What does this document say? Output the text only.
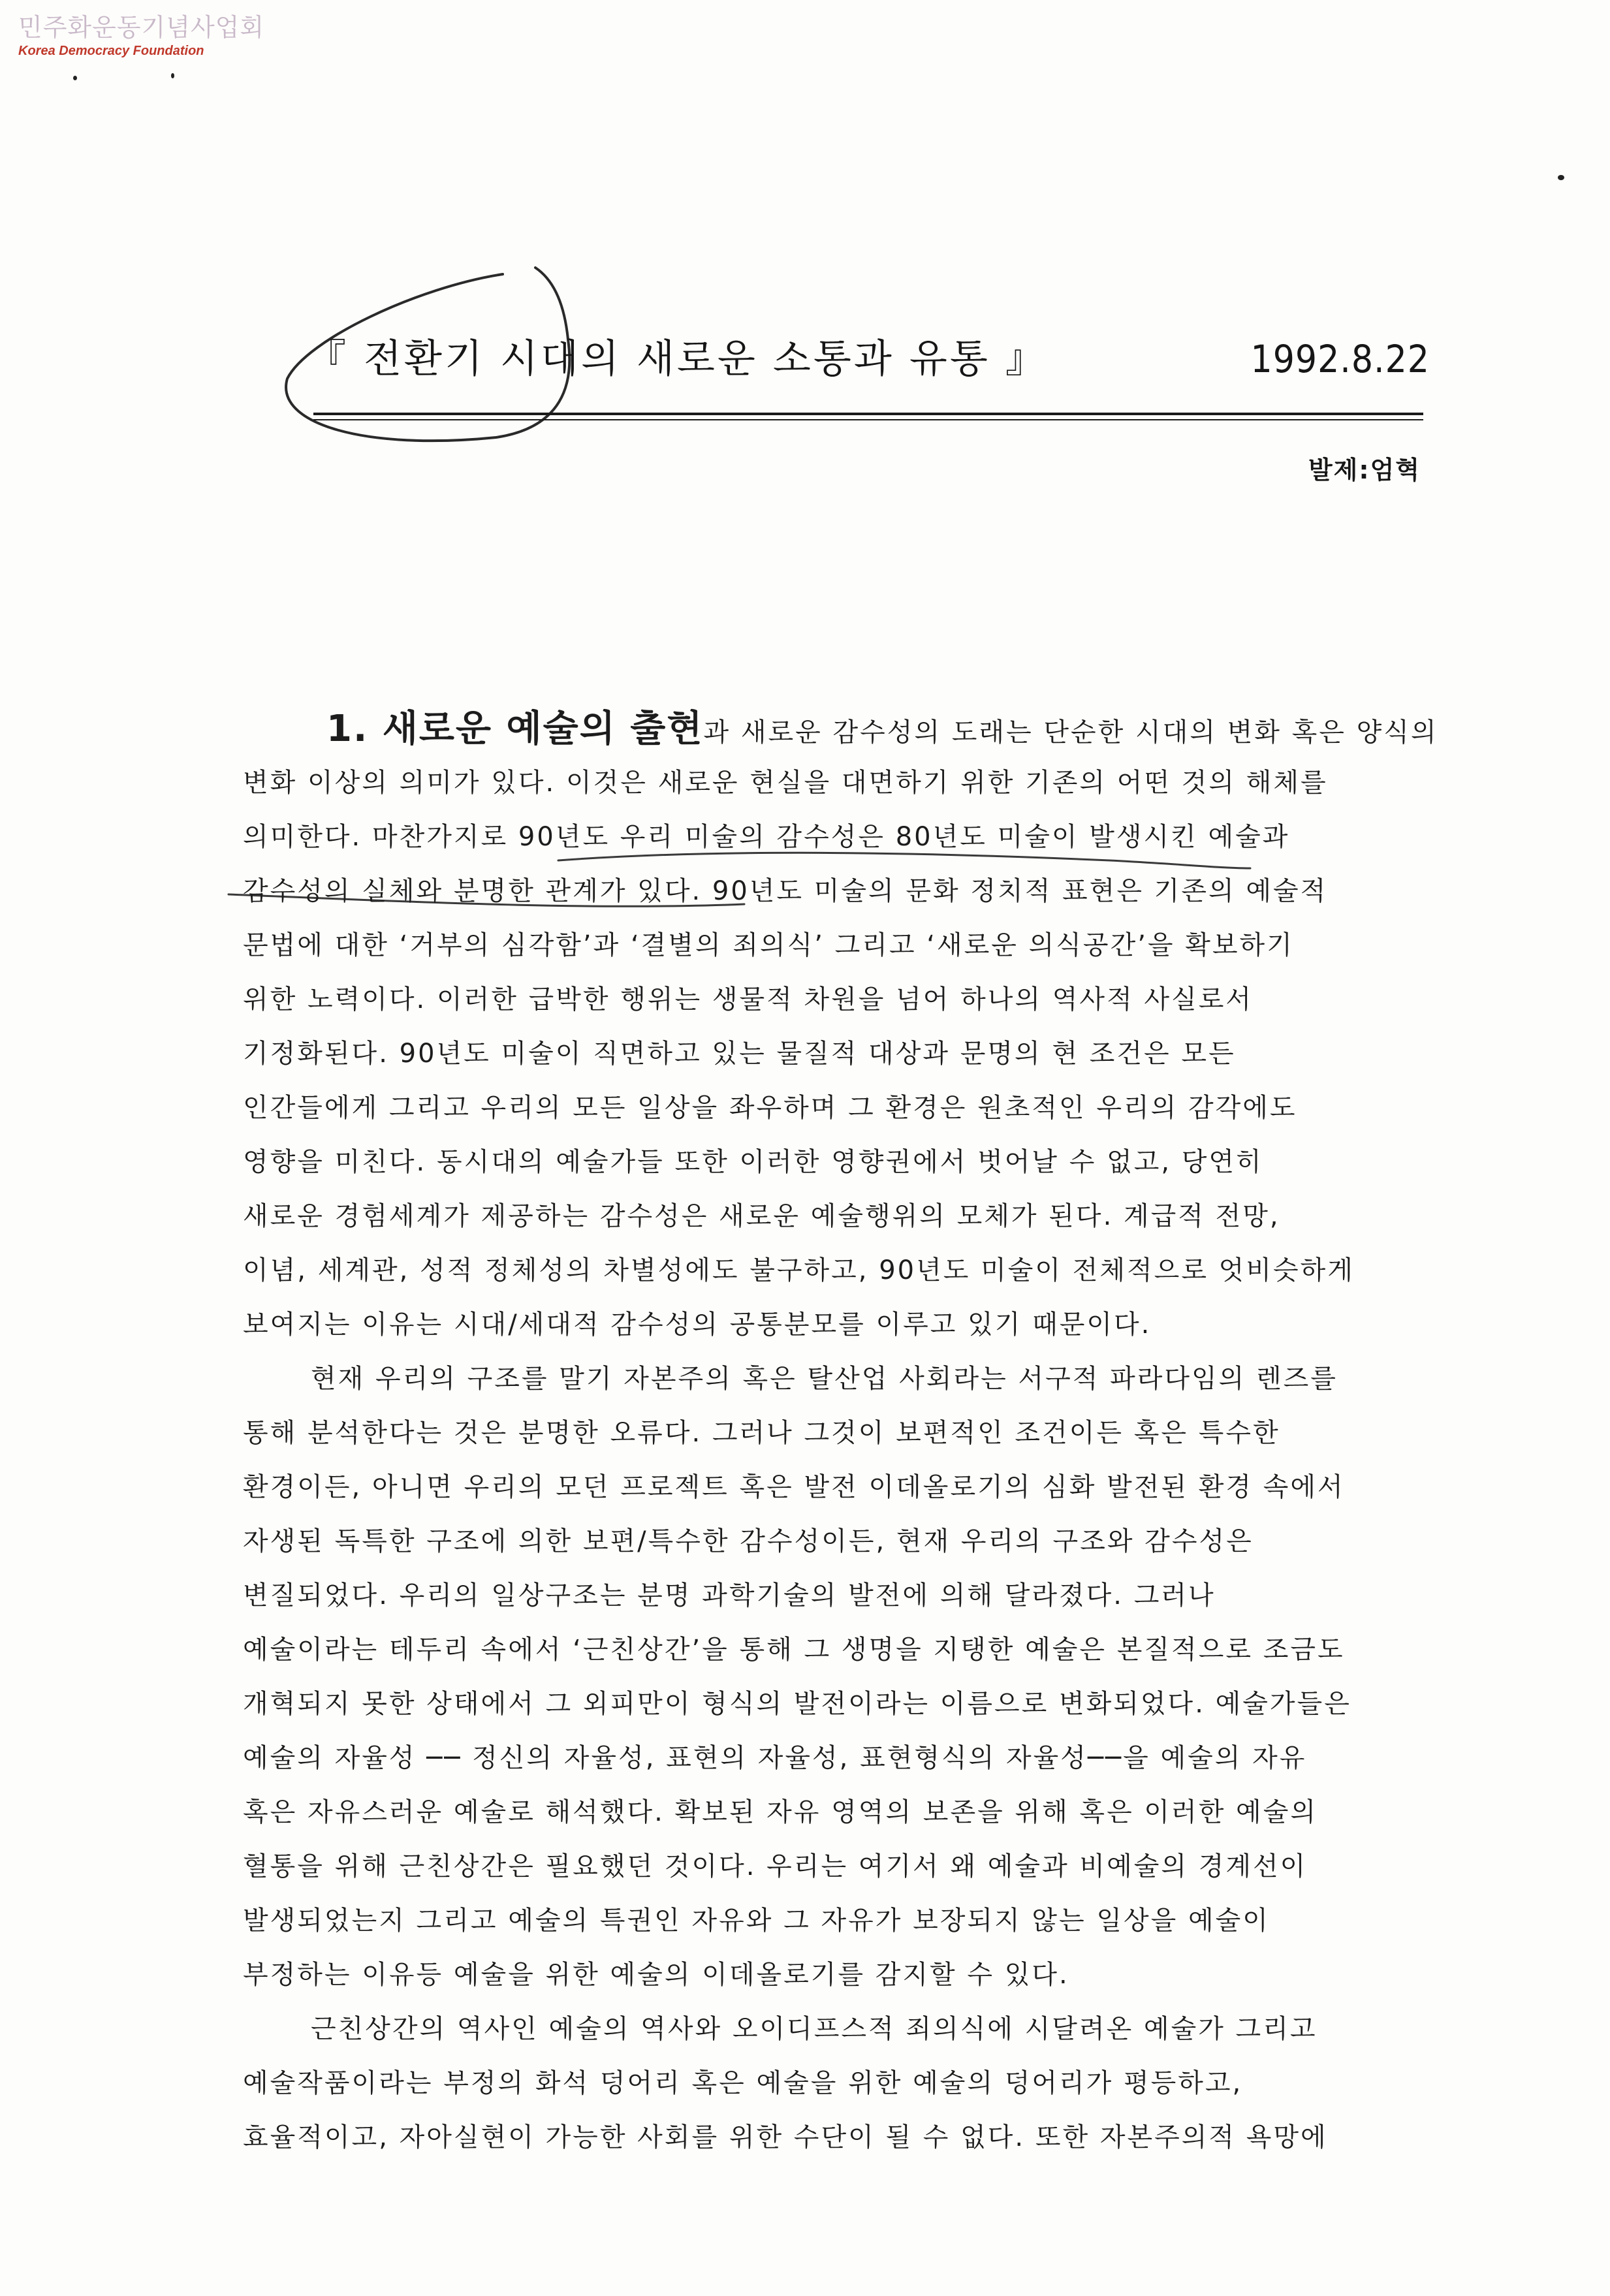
민주화운동기념사업회
Korea Democracy Foundation
『 전환기 시대의 새로운 소통과 유통 』	1992.8.22
발제:엄혁
1. 새로운 예술의 출현과 새로운 감수성의 도래는 단순한 시대의 변화 혹은 양식의
변화 이상의 의미가 있다. 이것은 새로운 현실을 대면하기 위한 기존의 어떤 것의 해체를
의미한다. 마찬가지로 90년도 우리 미술의 감수성은 80년도 미술이 발생시킨 예술과
감수성의 실체와 분명한 관계가 있다. 90년도 미술의 문화 정치적 표현은 기존의 예술적
문법에 대한 ‘거부의 심각함’과 ‘결별의 죄의식’ 그리고 ‘새로운 의식공간’을 확보하기
위한 노력이다. 이러한 급박한 행위는 생물적 차원을 넘어 하나의 역사적 사실로서
기정화된다. 90년도 미술이 직면하고 있는 물질적 대상과 문명의 현 조건은 모든
인간들에게 그리고 우리의 모든 일상을 좌우하며 그 환경은 원초적인 우리의 감각에도
영향을 미친다. 동시대의 예술가들 또한 이러한 영향권에서 벗어날 수 없고, 당연히
새로운 경험세계가 제공하는 감수성은 새로운 예술행위의 모체가 된다. 계급적 전망,
이념, 세계관, 성적 정체성의 차별성에도 불구하고, 90년도 미술이 전체적으로 엇비슷하게
보여지는 이유는 시대/세대적 감수성의 공통분모를 이루고 있기 때문이다.
현재 우리의 구조를 말기 자본주의 혹은 탈산업 사회라는 서구적 파라다임의 렌즈를
통해 분석한다는 것은 분명한 오류다. 그러나 그것이 보편적인 조건이든 혹은 특수한
환경이든, 아니면 우리의 모던 프로젝트 혹은 발전 이데올로기의 심화 발전된 환경 속에서
자생된 독특한 구조에 의한 보편/특수한 감수성이든, 현재 우리의 구조와 감수성은
변질되었다. 우리의 일상구조는 분명 과학기술의 발전에 의해 달라졌다. 그러나
예술이라는 테두리 속에서 ‘근친상간’을 통해 그 생명을 지탱한 예술은 본질적으로 조금도
개혁되지 못한 상태에서 그 외피만이 형식의 발전이라는 이름으로 변화되었다. 예술가들은
예술의 자율성 ── 정신의 자율성, 표현의 자율성, 표현형식의 자율성──을 예술의 자유
혹은 자유스러운 예술로 해석했다. 확보된 자유 영역의 보존을 위해 혹은 이러한 예술의
혈통을 위해 근친상간은 필요했던 것이다. 우리는 여기서 왜 예술과 비예술의 경계선이
발생되었는지 그리고 예술의 특권인 자유와 그 자유가 보장되지 않는 일상을 예술이
부정하는 이유등 예술을 위한 예술의 이데올로기를 감지할 수 있다.
근친상간의 역사인 예술의 역사와 오이디프스적 죄의식에 시달려온 예술가 그리고
예술작품이라는 부정의 화석 덩어리 혹은 예술을 위한 예술의 덩어리가 평등하고,
효율적이고, 자아실현이 가능한 사회를 위한 수단이 될 수 없다. 또한 자본주의적 욕망에
